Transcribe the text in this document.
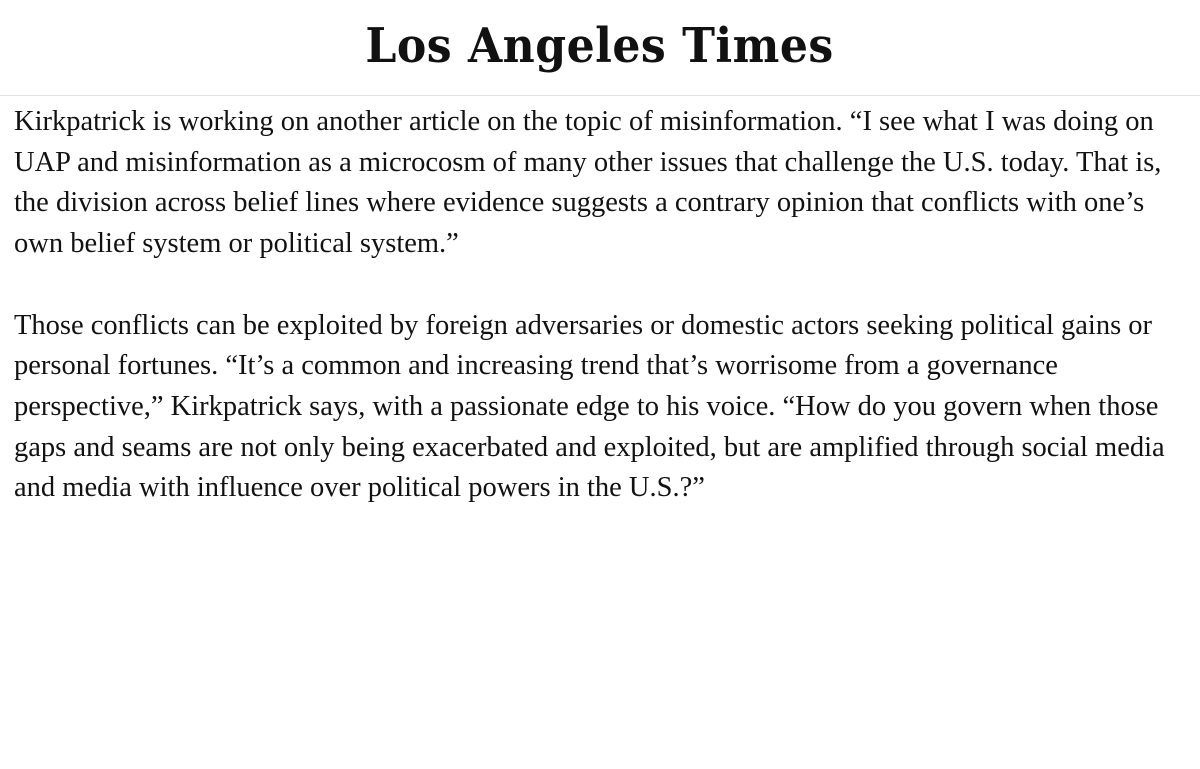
Los Angeles Times

Kirkpatrick is working on another article on the topic of misinformation. “I see what I was doing on UAP and misinformation as a microcosm of many other issues that challenge the U.S. today. That is, the division across belief lines where evidence suggests a contrary opinion that conflicts with one’s own belief system or political system.”

Those conflicts can be exploited by foreign adversaries or domestic actors seeking political gains or personal fortunes. “It’s a common and increasing trend that’s worrisome from a governance perspective,” Kirkpatrick says, with a passionate edge to his voice. “How do you govern when those gaps and seams are not only being exacerbated and exploited, but are amplified through social media and media with influence over political powers in the U.S.?”
